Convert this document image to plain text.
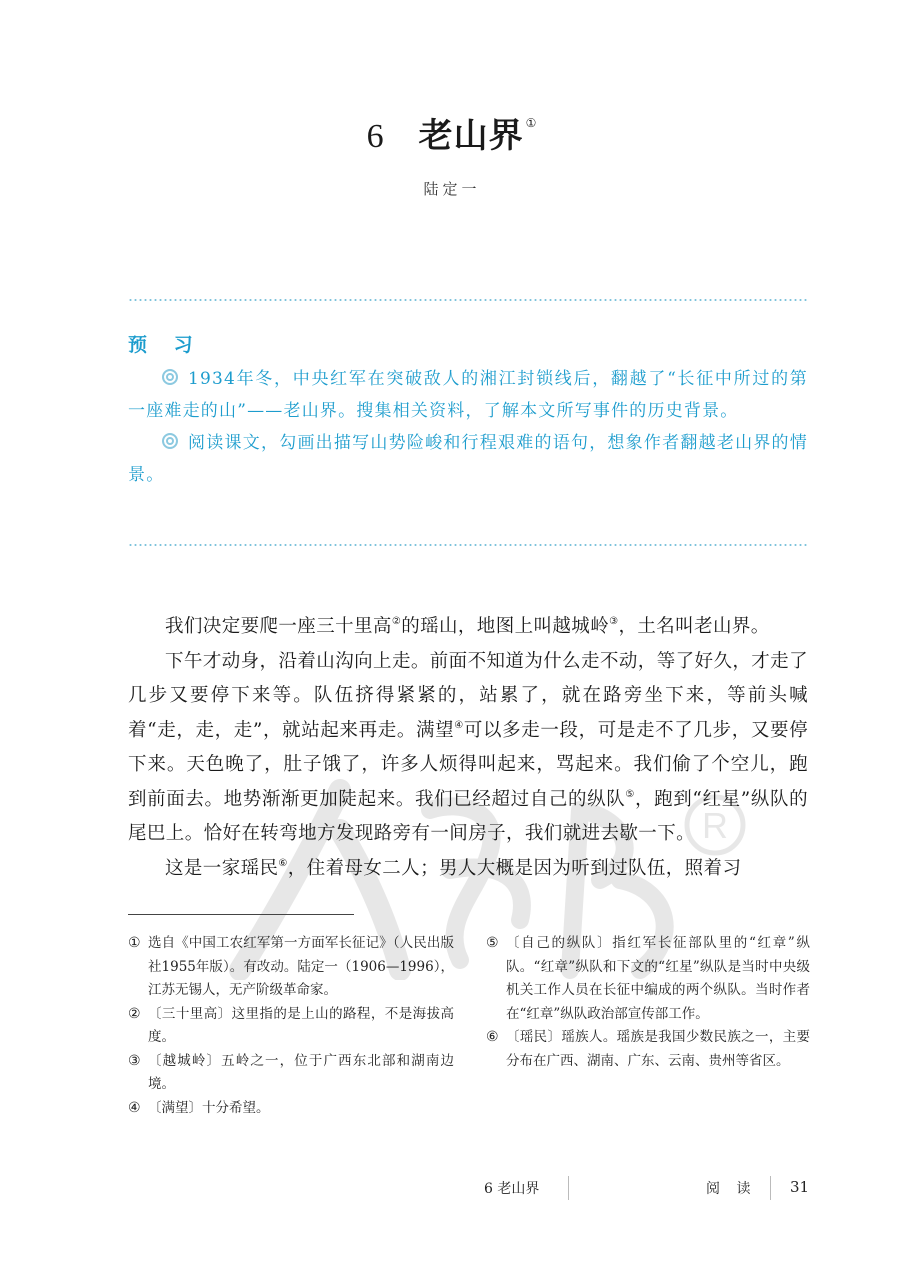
6 老山界 ①
陆定一
预 习

1934年冬，中央红军在突破敌人的湘江封锁线后，翻越了“长征中所过的第一座难走的山”——老山界。搜集相关资料，了解本文所写事件的历史背景。

阅读课文，勾画出描写山势险峻和行程艰难的语句，想象作者翻越老山界的情景。

R

我们决定要爬一座三十里高②的瑶山，地图上叫越城岭③，土名叫老山界。

下午才动身，沿着山沟向上走。前面不知道为什么走不动，等了好久，才走了几步又要停下来等。队伍挤得紧紧的，站累了，就在路旁坐下来，等前头喊着“走，走，走”，就站起来再走。满望④可以多走一段，可是走不了几步，又要停下来。天色晚了，肚子饿了，许多人烦得叫起来，骂起来。我们偷了个空儿，跑到前面去。地势渐渐更加陡起来。我们已经超过自己的纵队⑤，跑到“红星”纵队的尾巴上。恰好在转弯地方发现路旁有一间房子，我们就进去歇一下。

这是一家瑶民⑥，住着母女二人；男人大概是因为听到过队伍，照着习

① 选自《中国工农红军第一方面军长征记》（人民出版社1955年版）。有改动。陆定一（1906—1996），江苏无锡人，无产阶级革命家。
② 〔三十里高〕这里指的是上山的路程，不是海拔高度。
③ 〔越城岭〕五岭之一，位于广西东北部和湖南边境。
④ 〔满望〕十分希望。
⑤ 〔自己的纵队〕指红军长征部队里的“红章”纵队。“红章”纵队和下文的“红星”纵队是当时中央级机关工作人员在长征中编成的两个纵队。当时作者在“红章”纵队政治部宣传部工作。
⑥ 〔瑶民〕瑶族人。瑶族是我国少数民族之一，主要分布在广西、湖南、广东、云南、贵州等省区。
6 老山界	阅 读 31
